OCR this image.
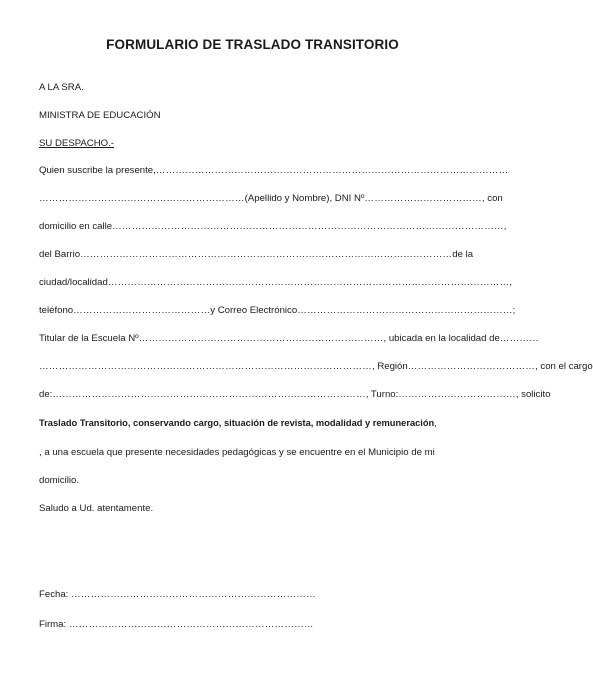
FORMULARIO DE TRASLADO TRANSITORIO
A LA SRA.
MINISTRA DE EDUCACIÓN
SU DESPACHO.-
Quien suscribe la presente, ………………………………………………………………………………………………
……………………………………………………… (Apellido y Nombre), DNI Nº ……………………………… , con
domicilio en calle …………………………………………………………………………………………………………,
del Barrio …………………………………………………………………………………………………… de la
ciudad/localidad ……………………………………………………………………………………………………………,
teléfono …………………………………… y Correo Electrónico …………………………………………………………;
Titular de la Escuela Nº ………………………………………………………………… , ubicada en la localidad de …………
………………………………………………………………………………………… , Región ………………………………… , con el cargo
de: …………………………………………………………………………………… , Turno: ……………………………… , solicito
Traslado Transitorio, conservando cargo, situación de revista, modalidad y remuneración,
, a una escuela que presente necesidades pedagógicas y se encuentre en el Municipio de mi
domicilio.
Saludo a Ud. atentamente.
Fecha: …………………………………………………………………
Firma: …………………………………………………………………
